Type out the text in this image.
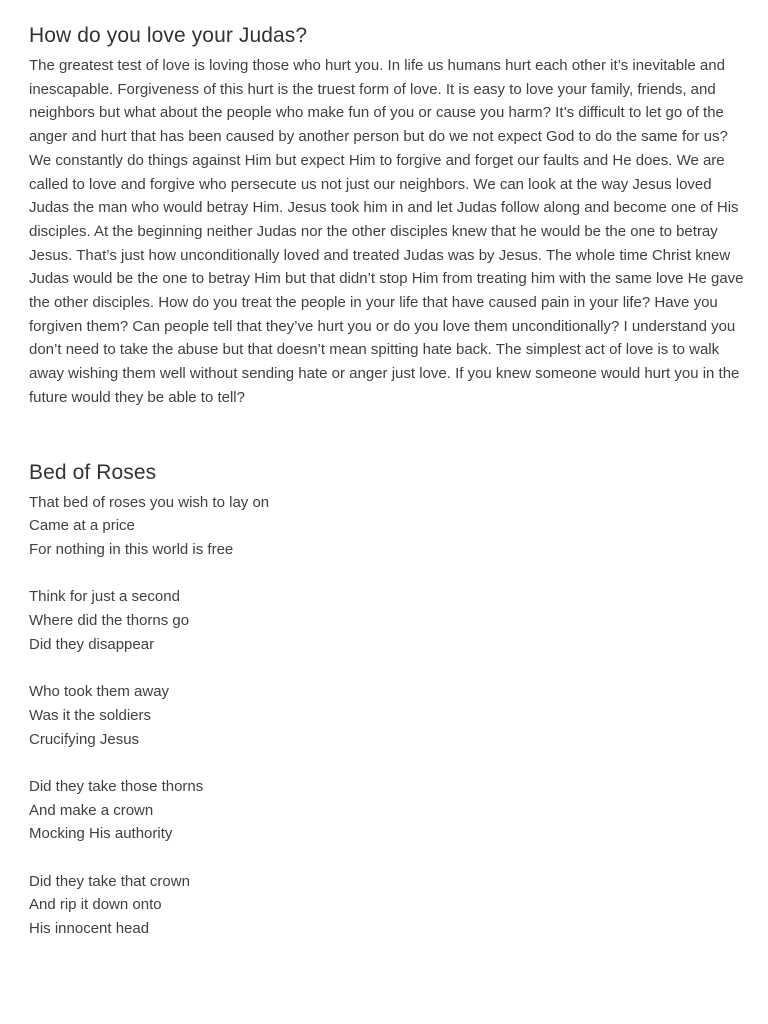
How do you love your Judas?

The greatest test of love is loving those who hurt you. In life us humans hurt each other it’s inevitable and inescapable. Forgiveness of this hurt is the truest form of love. It is easy to love your family, friends, and neighbors but what about the people who make fun of you or cause you harm? It’s difficult to let go of the anger and hurt that has been caused by another person but do we not expect God to do the same for us? We constantly do things against Him but expect Him to forgive and forget our faults and He does. We are called to love and forgive who persecute us not just our neighbors. We can look at the way Jesus loved Judas the man who would betray Him. Jesus took him in and let Judas follow along and become one of His disciples. At the beginning neither Judas nor the other disciples knew that he would be the one to betray Jesus. That’s just how unconditionally loved and treated Judas was by Jesus. The whole time Christ knew Judas would be the one to betray Him but that didn’t stop Him from treating him with the same love He gave the other disciples. How do you treat the people in your life that have caused pain in your life? Have you forgiven them? Can people tell that they’ve hurt you or do you love them unconditionally? I understand you don’t need to take the abuse but that doesn’t mean spitting hate back. The simplest act of love is to walk away wishing them well without sending hate or anger just love. If you knew someone would hurt you in the future would they be able to tell?

Bed of Roses
That bed of roses you wish to lay on
Came at a price
For nothing in this world is free
Think for just a second
Where did the thorns go
Did they disappear
Who took them away
Was it the soldiers
Crucifying Jesus
Did they take those thorns
And make a crown
Mocking His authority
Did they take that crown
And rip it down onto
His innocent head
